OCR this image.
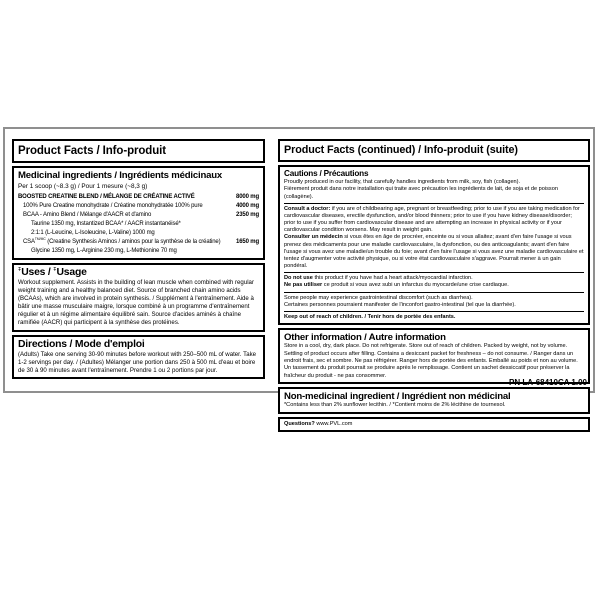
Product Facts / Info-produit
Medicinal ingredients / Ingrédients médicinaux
Per 1 scoop (~8.3 g) / Pour 1 mesure (~8,3 g)
BOOSTED CREATINE BLEND / MÉLANGE DE CRÉATINE ACTIVÉ	8000 mg
100% Pure Creatine monohydrate / Créatine monohydratée 100% pure	4000 mg
BCAA - Amino Blend / Mélange d'AACR et d'amino	2350 mg
Taurine 1350 mg, Instantized BCAA* / AACR instantanéisé*
2:1:1 (L-Leucine, L-Isoleucine, L-Valine) 1000 mg
$CSA^{TM/MC}$ (Creatine Synthesis Aminos / aminos pour la synthèse de la créatine)	1650 mg
Glycine 1350 mg, L-Arginine 230 mg, L-Methionine 70 mg
‡Uses / ‡Usage
Workout supplement. Assists in the building of lean muscle when combined with regular weight training and a healthy balanced diet. Source of branched chain amino acids (BCAAs), which are involved in protein synthesis. / Supplément à l'entraînement. Aide à bâtir une masse musculaire maigre, lorsque combiné à un programme d'entraînement régulier et à un régime alimentaire équilibré sain. Source d'acides aminés à chaîne ramifiée (AACR) qui participent à la synthèse des protéines.
Directions / Mode d'emploi
(Adults) Take one serving 30-90 minutes before workout with 250–500 mL of water. Take 1-2 servings per day. / (Adultes) Mélanger une portion dans 250 à 500 mL d'eau et boire de 30 à 90 minutes avant l'entraînement. Prendre 1 ou 2 portions par jour.
Product Facts (continued) / Info-produit (suite)
Cautions / Précautions
Proudly produced in our facility, that carefully handles ingredients from milk, soy, fish (collagen).
Fièrement produit dans notre installation qui traite avec précaution les ingrédients de lait, de soja et de poisson (collagène).
Consult a doctor: if you are of childbearing age, pregnant or breastfeeding; prior to use if you are taking medication for cardiovascular diseases, erectile dysfunction, and/or blood thinners; prior to use if you have kidney disease/disorder; prior to use if you suffer from cardiovascular disease and are attempting an increase in physical activity or if your cardiovascular condition worsens. May result in weight gain.
Consulter un médecin si vous êtes en âge de procréer, enceinte ou si vous allaitez; avant d'en faire l'usage si vous prenez des médicaments pour une maladie cardiovasculaire, la dysfonction, ou des anticoagulants; avant d'en faire l'usage si vous avez une maladie/un trouble du foie; avant d'en faire l'usage si vous avez une maladie cardiovasculaire et tentez d'augmenter votre activité physique, ou si votre état cardiovasculaire s'aggrave. Pourrait mener à un gain pondéral.
Do not use this product if you have had a heart attack/myocardial infarction.
Ne pas utiliser ce produit si vous avez subi un infarctus du myocarde/une crise cardiaque.
Some people may experience gastrointestinal discomfort (such as diarrhea).
Certaines personnes pourraient manifester de l'inconfort gastro-intestinal (tel que la diarrhée).
Keep out of reach of children. / Tenir hors de portée des enfants.
Other information / Autre information
Store in a cool, dry, dark place. Do not refrigerate. Store out of reach of children. Packed by weight, not by volume. Settling of product occurs after filling. Contains a desiccant packet for freshness – do not consume. / Ranger dans un endroit frais, sec et sombre. Ne pas réfrigérer. Ranger hors de portée des enfants. Emballé au poids et non au volume. Un tassement du produit pourrait se produire après le remplissage. Contient un sachet dessiccatif pour préserver la fraîcheur du produit - ne pas consommer.
Non-medicinal ingredient / Ingrédient non médicinal
*Contains less than 2% sunflower lecithin. / *Contient moins de 2% lécithine de tournesol.
Questions? www.PVL.com
PN LA-68410CA 1.00
